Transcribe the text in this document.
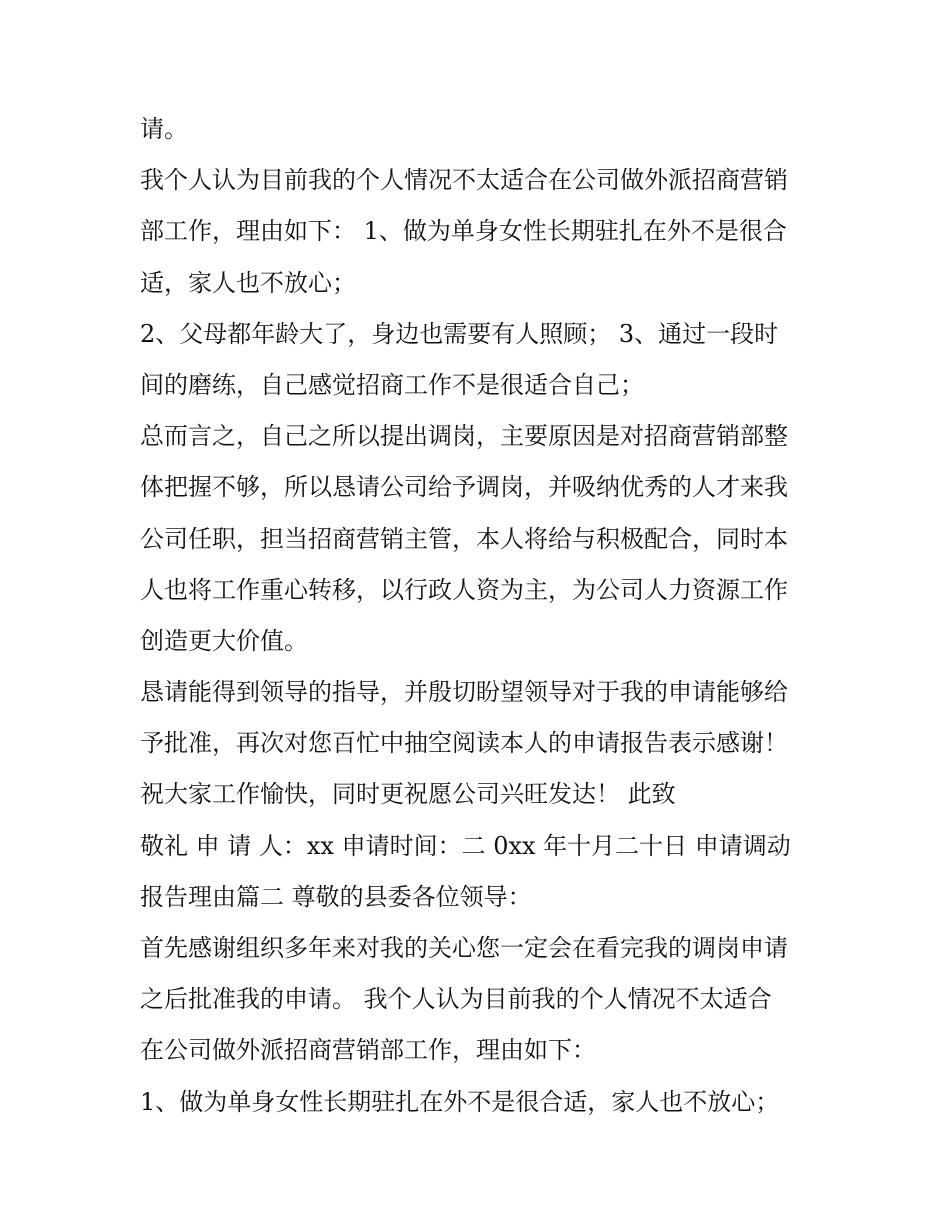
请。
我个人认为目前我的个人情况不太适合在公司做外派招商营销
部工作，理由如下： 1、做为单身女性长期驻扎在外不是很合
适，家人也不放心；
2、父母都年龄大了，身边也需要有人照顾； 3、通过一段时
间的磨练，自己感觉招商工作不是很适合自己；
总而言之，自己之所以提出调岗，主要原因是对招商营销部整
体把握不够，所以恳请公司给予调岗，并吸纳优秀的人才来我
公司任职，担当招商营销主管，本人将给与积极配合，同时本
人也将工作重心转移，以行政人资为主，为公司人力资源工作
创造更大价值。
恳请能得到领导的指导，并殷切盼望领导对于我的申请能够给
予批准，再次对您百忙中抽空阅读本人的申请报告表示感谢！
祝大家工作愉快，同时更祝愿公司兴旺发达！ 此致
敬礼 申 请 人：xx 申请时间：二 0xx 年十月二十日 申请调动
报告理由篇二 尊敬的县委各位领导：
首先感谢组织多年来对我的关心您一定会在看完我的调岗申请
之后批准我的申请。 我个人认为目前我的个人情况不太适合
在公司做外派招商营销部工作，理由如下：
1、做为单身女性长期驻扎在外不是很合适，家人也不放心；
